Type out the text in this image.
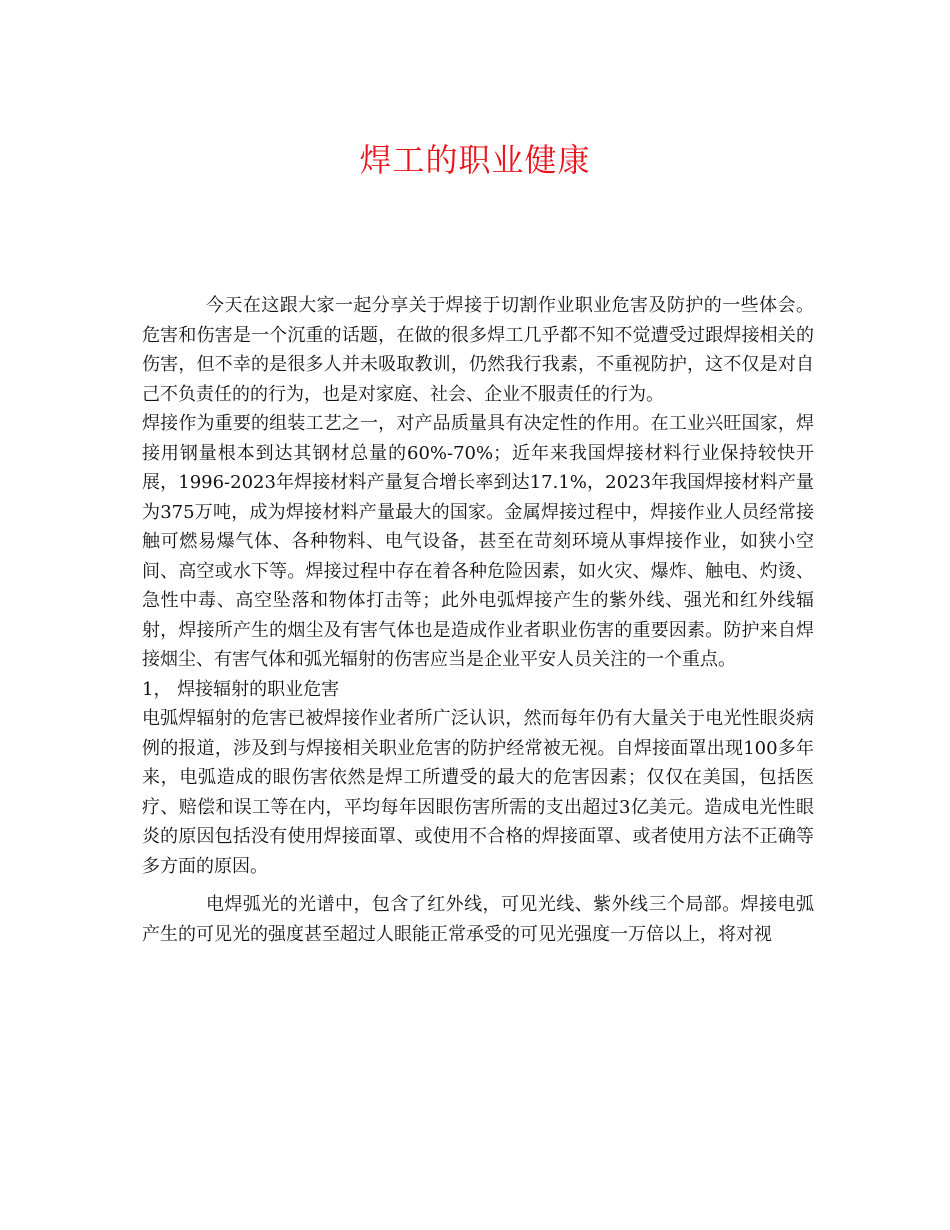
焊工的职业健康

今天在这跟大家一起分享关于焊接于切割作业职业危害及防护的一些体会。危害和伤害是一个沉重的话题，在做的很多焊工几乎都不知不觉遭受过跟焊接相关的伤害，但不幸的是很多人并未吸取教训，仍然我行我素，不重视防护，这不仅是对自己不负责任的的行为，也是对家庭、社会、企业不服责任的行为。

焊接作为重要的组装工艺之一，对产品质量具有决定性的作用。在工业兴旺国家，焊接用钢量根本到达其钢材总量的60%-70%；近年来我国焊接材料行业保持较快开展，1996-2023年焊接材料产量复合增长率到达17.1%，2023年我国焊接材料产量为375万吨，成为焊接材料产量最大的国家。金属焊接过程中，焊接作业人员经常接触可燃易爆气体、各种物料、电气设备，甚至在苛刻环境从事焊接作业，如狭小空间、高空或水下等。焊接过程中存在着各种危险因素，如火灾、爆炸、触电、灼烫、急性中毒、高空坠落和物体打击等；此外电弧焊接产生的紫外线、强光和红外线辐射，焊接所产生的烟尘及有害气体也是造成作业者职业伤害的重要因素。防护来自焊接烟尘、有害气体和弧光辐射的伤害应当是企业平安人员关注的一个重点。

1， 焊接辐射的职业危害

电弧焊辐射的危害已被焊接作业者所广泛认识，然而每年仍有大量关于电光性眼炎病例的报道，涉及到与焊接相关职业危害的防护经常被无视。自焊接面罩出现100多年来，电弧造成的眼伤害依然是焊工所遭受的最大的危害因素；仅仅在美国，包括医疗、赔偿和误工等在内，平均每年因眼伤害所需的支出超过3亿美元。造成电光性眼炎的原因包括没有使用焊接面罩、或使用不合格的焊接面罩、或者使用方法不正确等多方面的原因。

电焊弧光的光谱中，包含了红外线，可见光线、紫外线三个局部。焊接电弧产生的可见光的强度甚至超过人眼能正常承受的可见光强度一万倍以上，将对视
